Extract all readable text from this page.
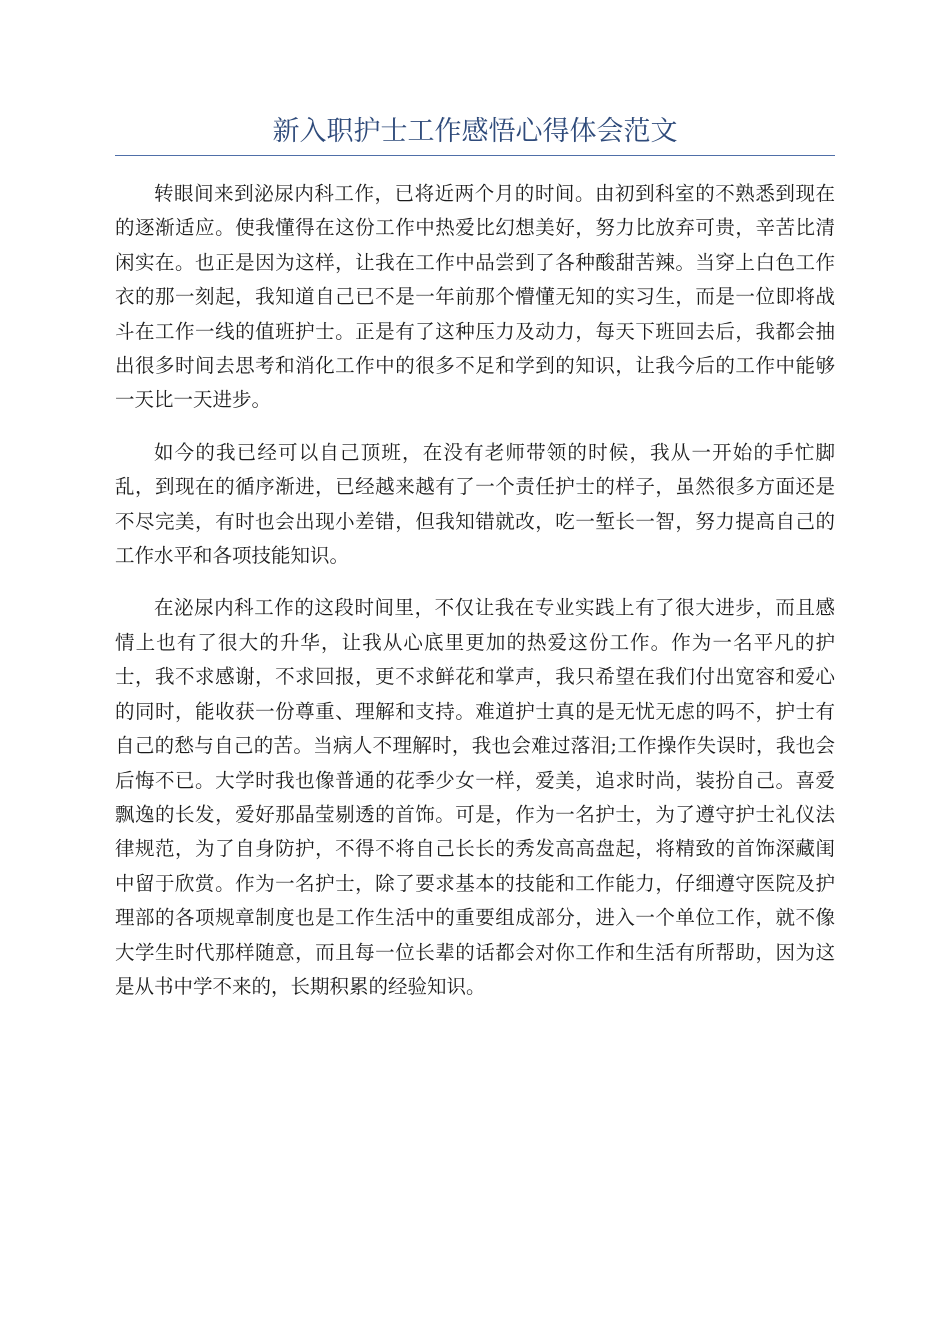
新入职护士工作感悟心得体会范文

转眼间来到泌尿内科工作，已将近两个月的时间。由初到科室的不熟悉到现在的逐渐适应。使我懂得在这份工作中热爱比幻想美好，努力比放弃可贵，辛苦比清闲实在。也正是因为这样，让我在工作中品尝到了各种酸甜苦辣。当穿上白色工作衣的那一刻起，我知道自己已不是一年前那个懵懂无知的实习生，而是一位即将战斗在工作一线的值班护士。正是有了这种压力及动力，每天下班回去后，我都会抽出很多时间去思考和消化工作中的很多不足和学到的知识，让我今后的工作中能够一天比一天进步。

如今的我已经可以自己顶班，在没有老师带领的时候，我从一开始的手忙脚乱，到现在的循序渐进，已经越来越有了一个责任护士的样子，虽然很多方面还是不尽完美，有时也会出现小差错，但我知错就改，吃一堑长一智，努力提高自己的工作水平和各项技能知识。

在泌尿内科工作的这段时间里，不仅让我在专业实践上有了很大进步，而且感情上也有了很大的升华，让我从心底里更加的热爱这份工作。作为一名平凡的护士，我不求感谢，不求回报，更不求鲜花和掌声，我只希望在我们付出宽容和爱心的同时，能收获一份尊重、理解和支持。难道护士真的是无忧无虑的吗不，护士有自己的愁与自己的苦。当病人不理解时，我也会难过落泪;工作操作失误时，我也会后悔不已。大学时我也像普通的花季少女一样，爱美，追求时尚，装扮自己。喜爱飘逸的长发，爱好那晶莹剔透的首饰。可是，作为一名护士，为了遵守护士礼仪法律规范，为了自身防护，不得不将自己长长的秀发高高盘起，将精致的首饰深藏闺中留于欣赏。作为一名护士，除了要求基本的技能和工作能力，仔细遵守医院及护理部的各项规章制度也是工作生活中的重要组成部分，进入一个单位工作，就不像大学生时代那样随意，而且每一位长辈的话都会对你工作和生活有所帮助，因为这是从书中学不来的，长期积累的经验知识。
